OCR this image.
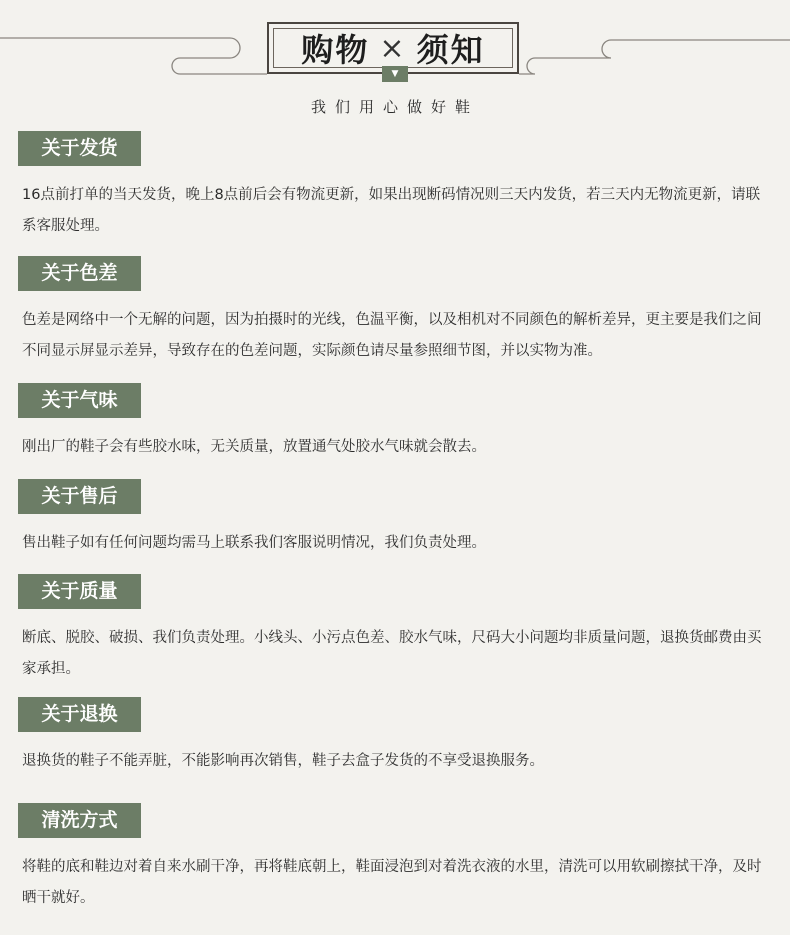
购物 × 须知
▼
我们用心做好鞋
关于发货
16点前打单的当天发货，晚上8点前后会有物流更新，如果出现断码情况则三天内发货，若三天内无物流更新，请联系客服处理。
关于色差
色差是网络中一个无解的问题，因为拍摄时的光线，色温平衡，以及相机对不同颜色的解析差异，更主要是我们之间不同显示屏显示差异，导致存在的色差问题，实际颜色请尽量参照细节图，并以实物为准。
关于气味
刚出厂的鞋子会有些胶水味，无关质量，放置通气处胶水气味就会散去。
关于售后
售出鞋子如有任何问题均需马上联系我们客服说明情况，我们负责处理。
关于质量
断底、脱胶、破损、我们负责处理。小线头、小污点色差、胶水气味，尺码大小问题均非质量问题，退换货邮费由买家承担。
关于退换
退换货的鞋子不能弄脏，不能影响再次销售，鞋子去盒子发货的不享受退换服务。
清洗方式
将鞋的底和鞋边对着自来水刷干净，再将鞋底朝上，鞋面浸泡到对着洗衣液的水里，清洗可以用软刷擦拭干净，及时晒干就好。
